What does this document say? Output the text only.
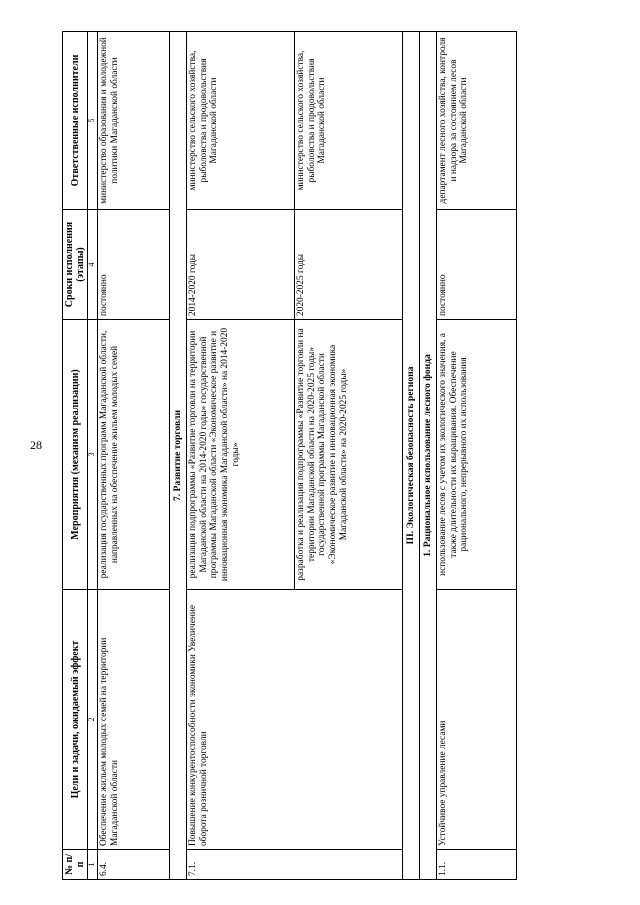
28
№ п/п	Цели и задачи, ожидаемый эффект	Мероприятия (механизм реализации)	Сроки исполнения (этапы)	Ответственные исполнители
1	2	3	4	5
6.4.	Обеспечение жильем молодых семей на территории Магаданской области	реализация государственных программ Магаданской области, направленных на обеспечение жильем молодых семей	постоянно	министерство образования и молодежной политики Магаданской области
7. Развитие торговли				
7.1.	Повышение конкурентоспособности экономики Увеличение оборота розничной торговли	реализация подпрограммы «Развитие торговли на территории Магаданской области на 2014-2020 годы» государственной программы Магаданской области «Экономическое развитие и инновационная экономика Магаданской области» на 2014-2020 годы»	2014-2020 годы	министерство сельского хозяйства, рыболовства и продовольствия Магаданской области
		разработка и реализация подпрограммы «Развитие торговли на территории Магаданской области на 2020-2025 годы» государственной программы Магаданской области «Экономическое развитие и инновационная экономика Магаданской области» на 2020-2025 годы»	2020-2025 годы	министерство сельского хозяйства, рыболовства и продовольствия Магаданской области
III. Экологическая безопасность региона				
1. Рациональное использование лесного фонда				
1.1.	Устойчивое управление лесами	использование лесов с учетом их экологического значения, а также длительности их выращивания. Обеспечение рационального, непрерывного их использования	постоянно	департамент лесного хозяйства, контроля и надзора за состоянием лесов Магаданской области
